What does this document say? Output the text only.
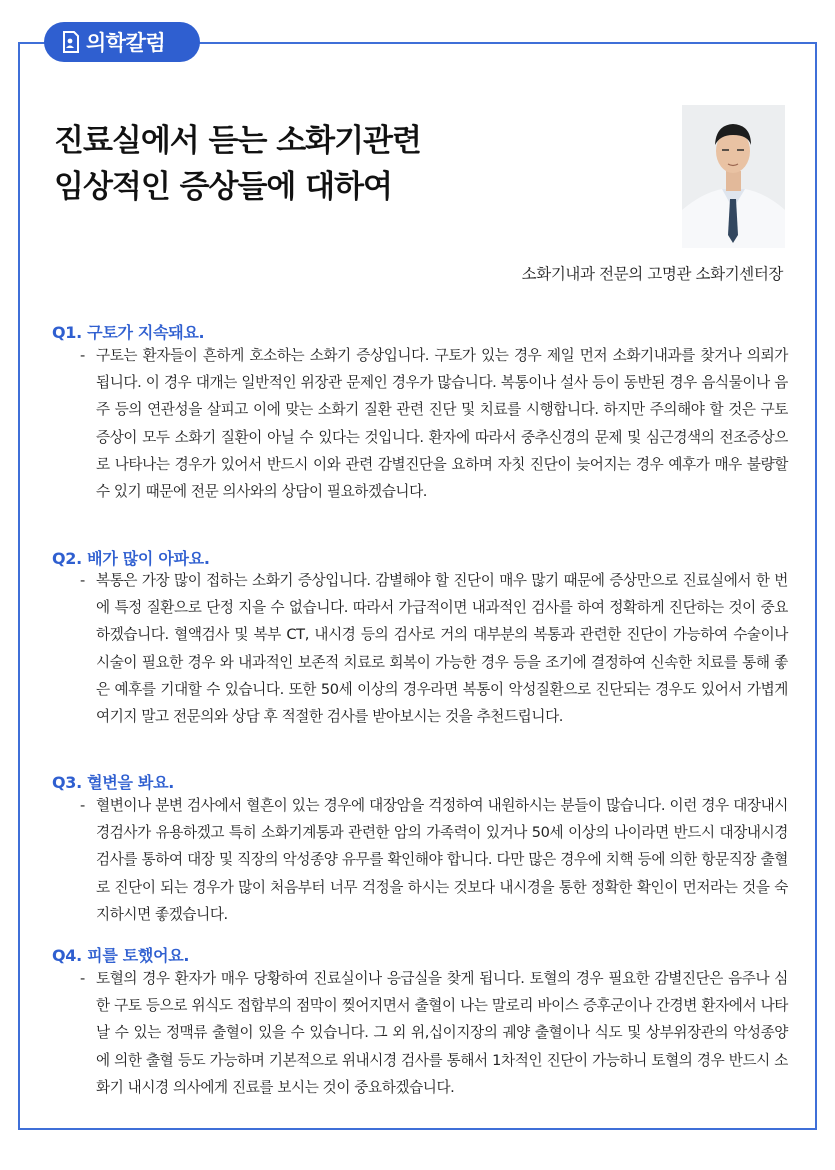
의학칼럼
진료실에서 듣는 소화기관련
임상적인 증상들에 대하여
소화기내과 전문의 고명관 소화기센터장
Q1. 구토가 지속돼요.
- 구토는 환자들이 흔하게 호소하는 소화기 증상입니다. 구토가 있는 경우 제일 먼저 소화기내과를 찾거나 의뢰가 됩니다. 이 경우 대개는 일반적인 위장관 문제인 경우가 많습니다. 복통이나 설사 등이 동반된 경우 음식물이나 음주 등의 연관성을 살피고 이에 맞는 소화기 질환 관련 진단 및 치료를 시행합니다. 하지만 주의해야 할 것은 구토 증상이 모두 소화기 질환이 아닐 수 있다는 것입니다. 환자에 따라서 중추신경의 문제 및 심근경색의 전조증상으로 나타나는 경우가 있어서 반드시 이와 관련 감별진단을 요하며 자칫 진단이 늦어지는 경우 예후가 매우 불량할 수 있기 때문에 전문 의사와의 상담이 필요하겠습니다.
Q2. 배가 많이 아파요.
- 복통은 가장 많이 접하는 소화기 증상입니다. 감별해야 할 진단이 매우 많기 때문에 증상만으로 진료실에서 한 번에 특정 질환으로 단정 지을 수 없습니다. 따라서 가급적이면 내과적인 검사를 하여 정확하게 진단하는 것이 중요하겠습니다. 혈액검사 및 복부 CT, 내시경 등의 검사로 거의 대부분의 복통과 관련한 진단이 가능하여 수술이나 시술이 필요한 경우 와 내과적인 보존적 치료로 회복이 가능한 경우 등을 조기에 결정하여 신속한 치료를 통해 좋은 예후를 기대할 수 있습니다. 또한 50세 이상의 경우라면 복통이 악성질환으로 진단되는 경우도 있어서 가볍게 여기지 말고 전문의와 상담 후 적절한 검사를 받아보시는 것을 추천드립니다.
Q3. 혈변을 봐요.
- 혈변이나 분변 검사에서 혈흔이 있는 경우에 대장암을 걱정하여 내원하시는 분들이 많습니다. 이런 경우 대장내시경검사가 유용하겠고 특히 소화기계통과 관련한 암의 가족력이 있거나 50세 이상의 나이라면 반드시 대장내시경검사를 통하여 대장 및 직장의 악성종양 유무를 확인해야 합니다. 다만 많은 경우에 치핵 등에 의한 항문직장 출혈로 진단이 되는 경우가 많이 처음부터 너무 걱정을 하시는 것보다 내시경을 통한 정확한 확인이 먼저라는 것을 숙지하시면 좋겠습니다.
Q4. 피를 토했어요.
- 토혈의 경우 환자가 매우 당황하여 진료실이나 응급실을 찾게 됩니다. 토혈의 경우 필요한 감별진단은 음주나 심한 구토 등으로 위식도 접합부의 점막이 찢어지면서 출혈이 나는 말로리 바이스 증후군이나 간경변 환자에서 나타날 수 있는 정맥류 출혈이 있을 수 있습니다. 그 외 위,십이지장의 궤양 출혈이나 식도 및 상부위장관의 악성종양에 의한 출혈 등도 가능하며 기본적으로 위내시경 검사를 통해서 1차적인 진단이 가능하니 토혈의 경우 반드시 소화기 내시경 의사에게 진료를 보시는 것이 중요하겠습니다.
